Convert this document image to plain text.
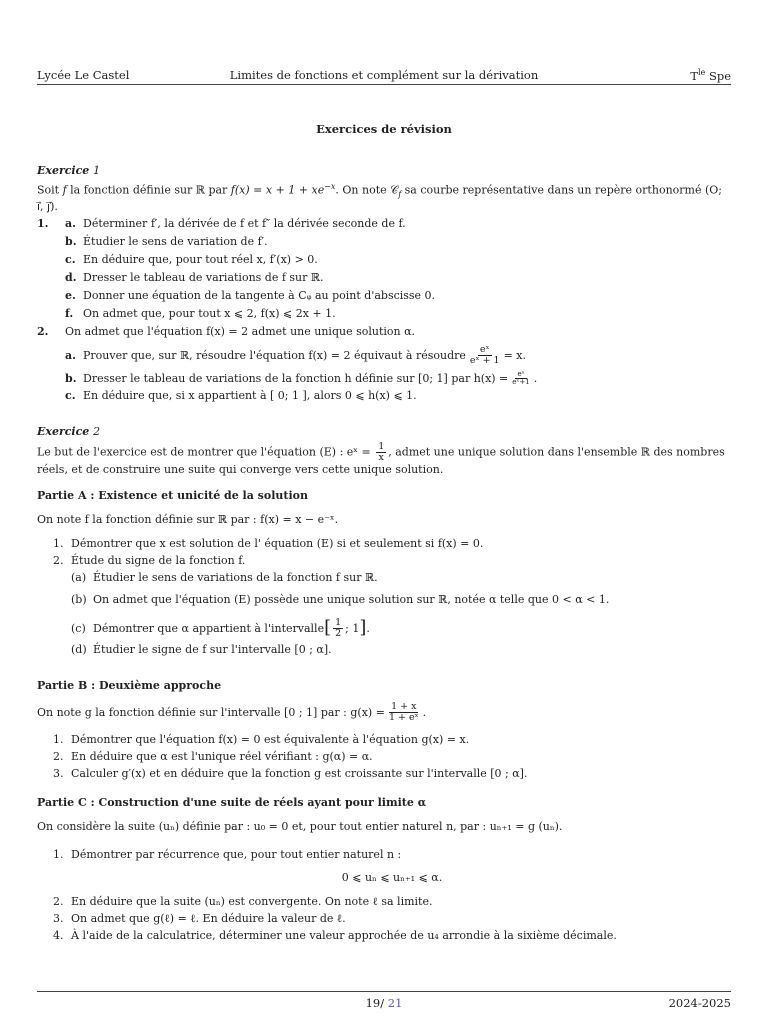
Lycée Le Castel	Limites de fonctions et complément sur la dérivation	$T^{le}$ Spe
Exercices de révision
Exercice 1

Soit f la fonction définie sur ℝ par $f(x) = x + 1 + xe^{-x}$. On note 𝒞$_f$ sa courbe représentative dans un repère orthonormé (O; ı⃗, ȷ⃗).

1.	a. Déterminer f′, la dérivée de f et f″ la dérivée seconde de f.
b. Étudier le sens de variation de f′.
c. En déduire que, pour tout réel x, f′(x) > 0.
d. Dresser le tableau de variations de f sur ℝ.
e. Donner une équation de la tangente à Cᵩ au point d'abscisse 0.
f. On admet que, pour tout x ⩽ 2, f(x) ⩽ 2x + 1.
2.	On admet que l'équation f(x) = 2 admet une unique solution α.
a. Prouver que, sur ℝ, résoudre l'équation f(x) = 2 équivaut à résoudre $\frac{\text{eˣ}}{\text{eˣ + 1}} = x$.
b. Dresser le tableau de variations de la fonction h définie sur [0; 1] par $h(x) = \frac{\text{eˣ}}{\text{eˣ+1}}$ .
c. En déduire que, si x appartient à [ 0; 1 ], alors 0 ⩽ h(x) ⩽ 1.
Exercice 2

Le but de l'exercice est de montrer que l'équation (E) : eˣ = $\frac{1}{x}$ , admet une unique solution dans l'ensemble ℝ des nombres réels, et de construire une suite qui converge vers cette unique solution.

Partie A : Existence et unicité de la solution

On note f la fonction définie sur ℝ par : f(x) = x − e⁻ˣ.

1. Démontrer que x est solution de l' équation (E) si et seulement si f(x) = 0.
2. Étude du signe de la fonction f.
(a) Étudier le sens de variations de la fonction f sur ℝ.
(b) On admet que l'équation (E) possède une unique solution sur ℝ, notée α telle que 0 < α < 1.
(c) Démontrer que α appartient à l'intervalle [ $\frac{1}{2}$ ; 1 ] .
(d) Étudier le signe de f sur l'intervalle [0 ; α].
Partie B : Deuxième approche

On note g la fonction définie sur l'intervalle [0 ; 1] par : $g(x) = \frac{1 + x}{\text{1 + eˣ}}$ .

1. Démontrer que l'équation f(x) = 0 est équivalente à l'équation g(x) = x.
2. En déduire que α est l'unique réel vérifiant : g(α) = α.
3. Calculer g′(x) et en déduire que la fonction g est croissante sur l'intervalle [0 ; α].
Partie C : Construction d'une suite de réels ayant pour limite α

On considère la suite (uₙ) définie par : u₀ = 0 et, pour tout entier naturel n, par : uₙ₊₁ = g (uₙ).

1. Démontrer par récurrence que, pour tout entier naturel n :
0 ⩽ uₙ ⩽ uₙ₊₁ ⩽ α.
2. En déduire que la suite (uₙ) est convergente. On note ℓ sa limite.
3. On admet que g(ℓ) = ℓ. En déduire la valeur de ℓ.
4. À l'aide de la calculatrice, déterminer une valeur approchée de u₄ arrondie à la sixième décimale.
19/ 21	2024-2025
